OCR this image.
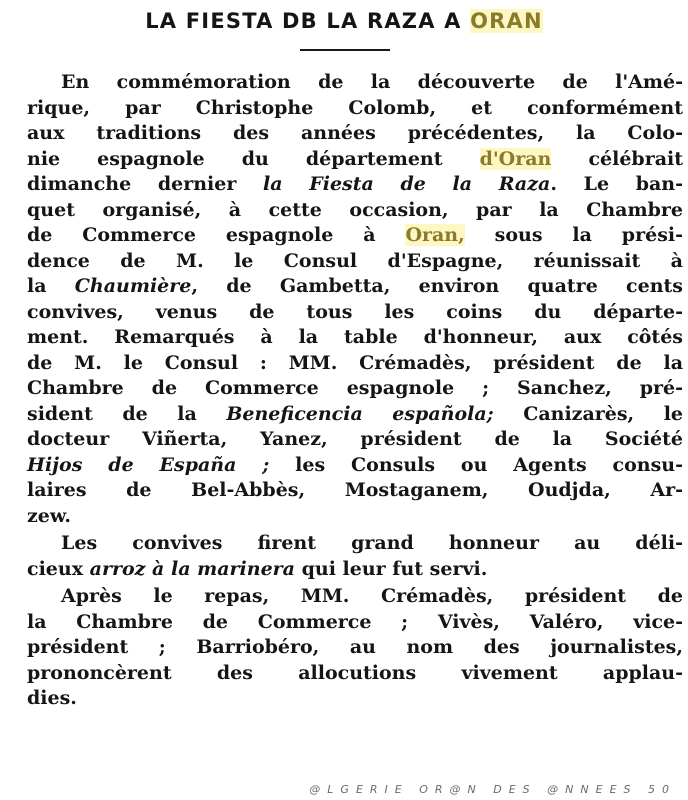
LA FIESTA DB LA RAZA A ORAN
En commémoration de la découverte de l'Amé-
rique, par Christophe Colomb, et conformément
aux traditions des années précédentes, la Colo-
nie espagnole du département d'Oran célébrait
dimanche dernier la Fiesta de la Raza. Le ban-
quet organisé, à cette occasion, par la Chambre
de Commerce espagnole à Oran, sous la prési-
dence de M. le Consul d'Espagne, réunissait à
la Chaumière, de Gambetta, environ quatre cents
convives, venus de tous les coins du départe-
ment. Remarqués à la table d'honneur, aux côtés
de M. le Consul : MM. Crémadès, président de la
Chambre de Commerce espagnole ; Sanchez, pré-
sident de la Beneficencia española; Canizarès, le
docteur Viñerta, Yanez, président de la Société
Hijos de España ; les Consuls ou Agents consu-
laires de Bel-Abbès, Mostaganem, Oudjda, Ar-
zew.
Les convives firent grand honneur au déli-
cieux arroz à la marinera qui leur fut servi.
Après le repas, MM. Crémadès, président de
la Chambre de Commerce ; Vivès, Valéro, vice-
président ; Barriobéro, au nom des journalistes,
prononcèrent des allocutions vivement applau-
dies.
@LGERIE OR@N DES @NNEES 50
